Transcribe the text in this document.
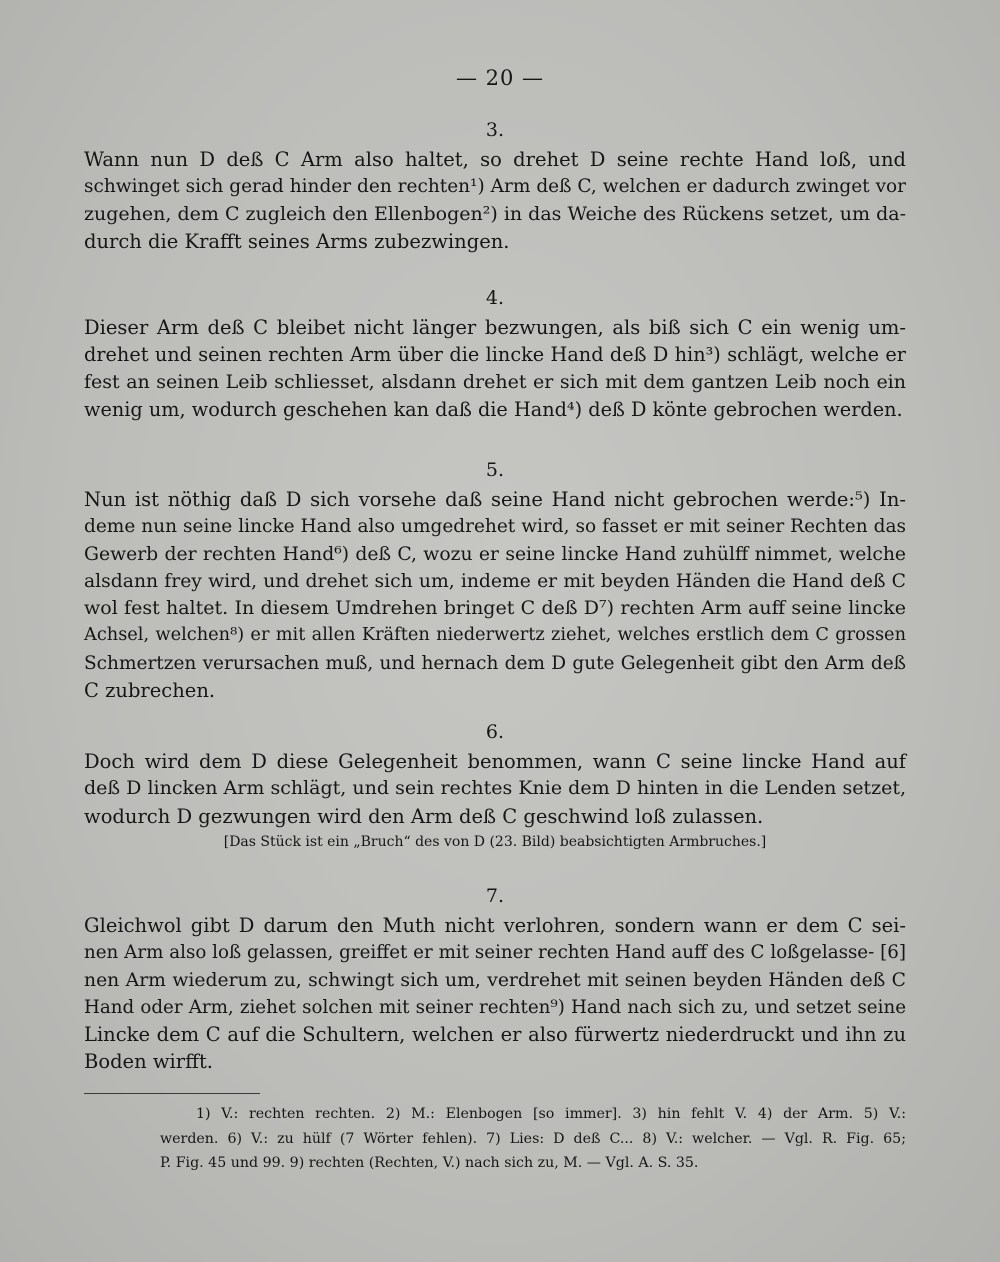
— 20 —
3.

Wann nun D deß C Arm also haltet, so drehet D seine rechte Hand loß, und

schwinget sich gerad hinder den rechten¹) Arm deß C, welchen er dadurch zwinget vor

zugehen, dem C zugleich den Ellenbogen²) in das Weiche des Rückens setzet, um da-

durch die Krafft seines Arms zubezwingen.

4.

Dieser Arm deß C bleibet nicht länger bezwungen, als biß sich C ein wenig um-

drehet und seinen rechten Arm über die lincke Hand deß D hin³) schlägt, welche er

fest an seinen Leib schliesset, alsdann drehet er sich mit dem gantzen Leib noch ein

wenig um, wodurch geschehen kan daß die Hand⁴) deß D könte gebrochen werden.

5.

Nun ist nöthig daß D sich vorsehe daß seine Hand nicht gebrochen werde:⁵) In-

deme nun seine lincke Hand also umgedrehet wird, so fasset er mit seiner Rechten das

Gewerb der rechten Hand⁶) deß C, wozu er seine lincke Hand zuhülff nimmet, welche

alsdann frey wird, und drehet sich um, indeme er mit beyden Händen die Hand deß C

wol fest haltet. In diesem Umdrehen bringet C deß D⁷) rechten Arm auff seine lincke

Achsel, welchen⁸) er mit allen Kräften niederwertz ziehet, welches erstlich dem C grossen

Schmertzen verursachen muß, und hernach dem D gute Gelegenheit gibt den Arm deß

C zubrechen.

6.

Doch wird dem D diese Gelegenheit benommen, wann C seine lincke Hand auf

deß D lincken Arm schlägt, und sein rechtes Knie dem D hinten in die Lenden setzet,

wodurch D gezwungen wird den Arm deß C geschwind loß zulassen.

[Das Stück ist ein „Bruch“ des von D (23. Bild) beabsichtigten Armbruches.]
7.

Gleichwol gibt D darum den Muth nicht verlohren, sondern wann er dem C sei-

nen Arm also loß gelassen, greiffet er mit seiner rechten Hand auff des C loßgelasse- [6]

nen Arm wiederum zu, schwingt sich um, verdrehet mit seinen beyden Händen deß C

Hand oder Arm, ziehet solchen mit seiner rechten⁹) Hand nach sich zu, und setzet seine

Lincke dem C auf die Schultern, welchen er also fürwertz niederdruckt und ihn zu

Boden wirfft.

1) V.: rechten rechten. 2) M.: Elenbogen [so immer]. 3) hin fehlt V. 4) der Arm. 5) V.:

werden. 6) V.: zu hülf (7 Wörter fehlen). 7) Lies: D deß C... 8) V.: welcher. — Vgl. R. Fig. 65;

P. Fig. 45 und 99. 9) rechten (Rechten, V.) nach sich zu, M. — Vgl. A. S. 35.
